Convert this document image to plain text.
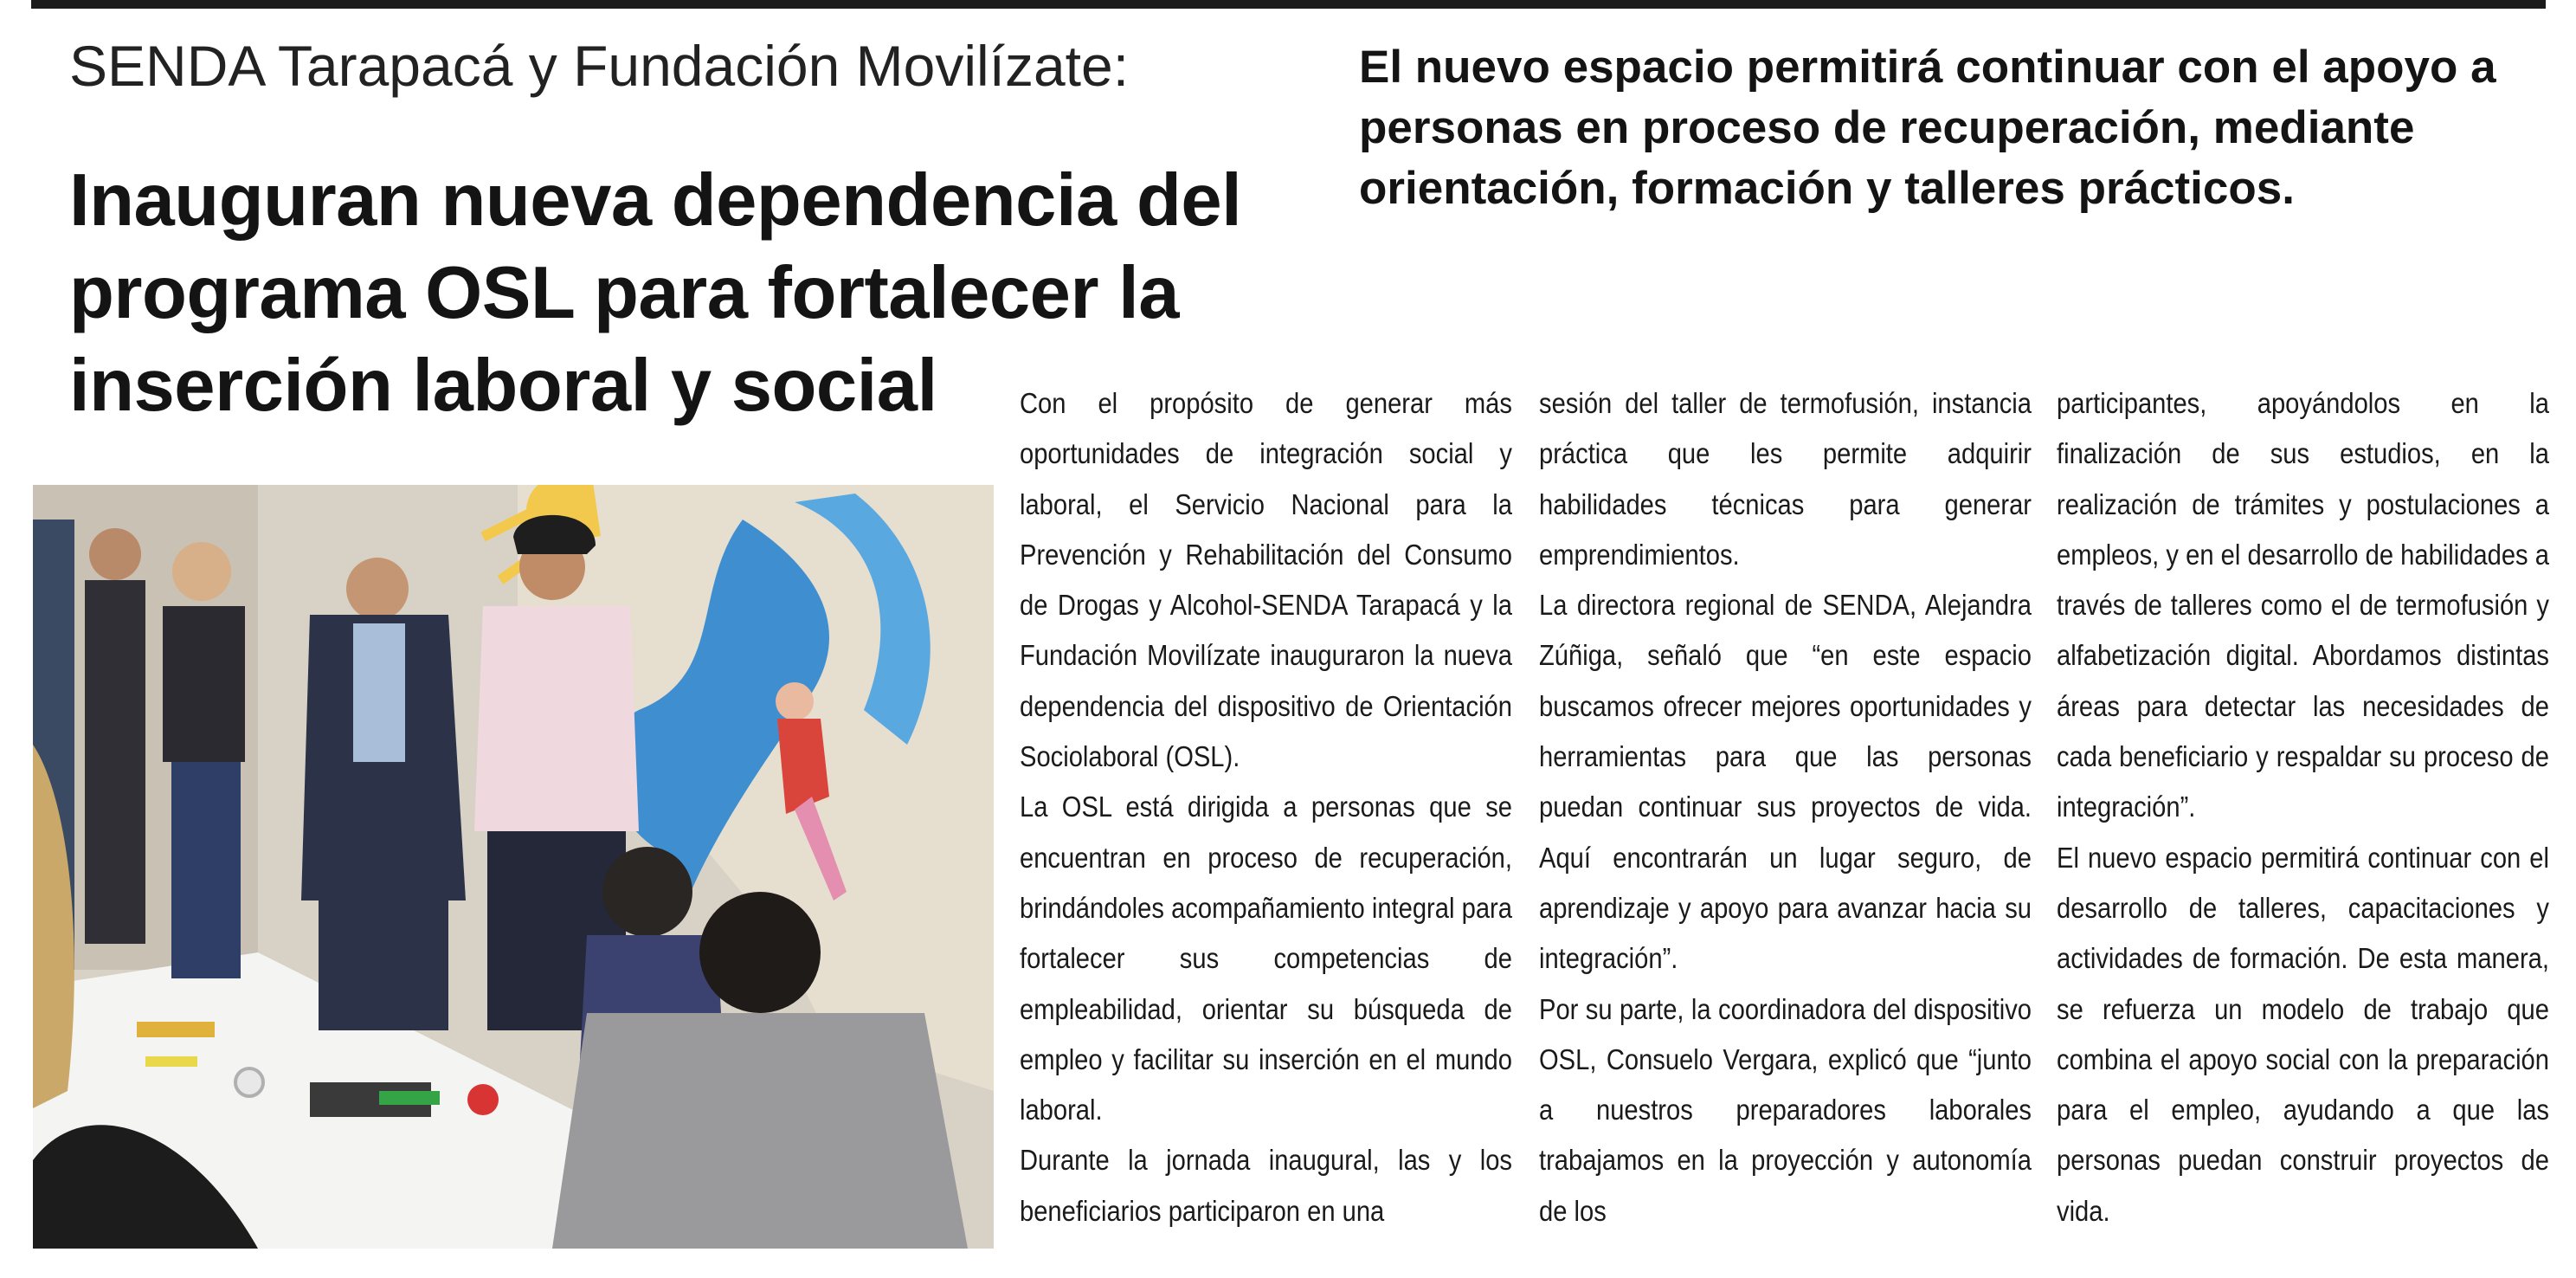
SENDA Tarapacá y Fundación Movilízate:
Inauguran nueva dependencia del programa OSL para fortalecer la inserción laboral y social
El nuevo espacio permitirá continuar con el apoyo a personas en proceso de recuperación, mediante orientación, formación y talleres prácticos.

Con el propósito de generar más oportunidades de integración social y laboral, el Servicio Nacional para la Prevención y Rehabilitación del Consumo de Drogas y Alcohol-SENDA Tarapacá y la Fundación Movilízate inauguraron la nueva dependencia del dispositivo de Orientación Sociolaboral (OSL).

La OSL está dirigida a personas que se encuentran en proceso de recuperación, brindándoles acompañamiento integral para fortalecer sus competencias de empleabilidad, orientar su búsqueda de empleo y facilitar su inserción en el mundo laboral.

Durante la jornada inaugural, las y los beneficiarios participaron en una

sesión del taller de termofusión, instancia práctica que les permite adquirir habilidades técnicas para generar emprendimientos.

La directora regional de SENDA, Alejandra Zúñiga, señaló que “en este espacio buscamos ofrecer mejores oportunidades y herramientas para que las personas puedan continuar sus proyectos de vida. Aquí encontrarán un lugar seguro, de aprendizaje y apoyo para avanzar hacia su integración”.

Por su parte, la coordinadora del dispositivo OSL, Consuelo Vergara, explicó que “junto a nuestros preparadores laborales trabajamos en la proyección y autonomía de los

participantes, apoyándolos en la finalización de sus estudios, en la realización de trámites y postulaciones a empleos, y en el desarrollo de habilidades a través de talleres como el de termofusión y alfabetización digital. Abordamos distintas áreas para detectar las necesidades de cada beneficiario y respaldar su proceso de integración”.

El nuevo espacio permitirá continuar con el desarrollo de talleres, capacitaciones y actividades de formación. De esta manera, se refuerza un modelo de trabajo que combina el apoyo social con la preparación para el empleo, ayudando a que las personas puedan construir proyectos de vida.
